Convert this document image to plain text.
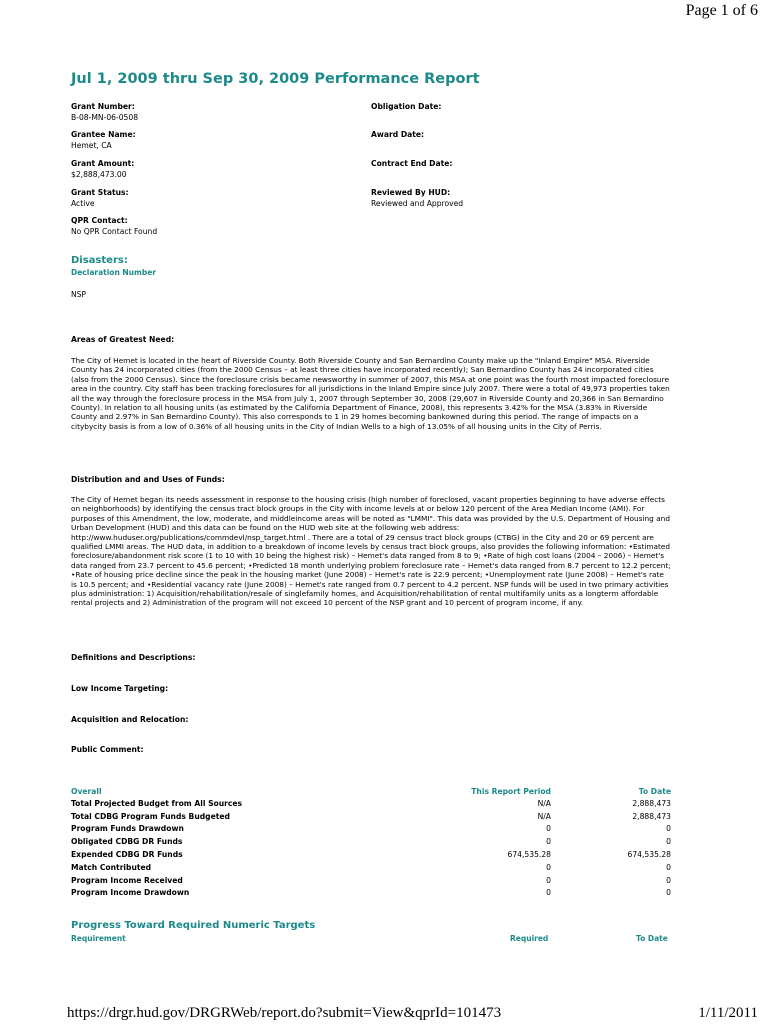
Page 1 of 6
Jul 1, 2009 thru Sep 30, 2009 Performance Report
Grant Number:
B-08-MN-06-0508
Grantee Name:
Hemet, CA
Grant Amount:
$2,888,473.00
Grant Status:
Active
QPR Contact:
No QPR Contact Found
Obligation Date:
Award Date:
Contract End Date:
Reviewed By HUD:
Reviewed and Approved
Disasters:
Declaration Number
NSP
Areas of Greatest Need:

The City of Hemet is located in the heart of Riverside County. Both Riverside County and San Bernardino County make up the "Inland Empire" MSA. Riverside County has 24 incorporated cities (from the 2000 Census – at least three cities have incorporated recently); San Bernardino County has 24 incorporated cities (also from the 2000 Census). Since the foreclosure crisis became newsworthy in summer of 2007, this MSA at one point was the fourth most impacted foreclosure area in the country. City staff has been tracking foreclosures for all jurisdictions in the Inland Empire since July 2007. There were a total of 49,973 properties taken all the way through the foreclosure process in the MSA from July 1, 2007 through September 30, 2008 (29,607 in Riverside County and 20,366 in San Bernardino County). In relation to all housing units (as estimated by the California Department of Finance, 2008), this represents 3.42% for the MSA (3.83% in Riverside County and 2.97% in San Bernardino County). This also corresponds to 1 in 29 homes becoming bankowned during this period. The range of impacts on a citybycity basis is from a low of 0.36% of all housing units in the City of Indian Wells to a high of 13.05% of all housing units in the City of Perris.

Distribution and and Uses of Funds:

The City of Hemet began its needs assessment in response to the housing crisis (high number of foreclosed, vacant properties beginning to have adverse effects on neighborhoods) by identifying the census tract block groups in the City with income levels at or below 120 percent of the Area Median Income (AMI). For purposes of this Amendment, the low, moderate, and middleincome areas will be noted as "LMMI". This data was provided by the U.S. Department of Housing and Urban Development (HUD) and this data can be found on the HUD web site at the following web address: http://www.huduser.org/publications/commdevl/nsp_target.html . There are a total of 29 census tract block groups (CTBG) in the City and 20 or 69 percent are qualified LMMI areas. The HUD data, in addition to a breakdown of income levels by census tract block groups, also provides the following information: •Estimated foreclosure/abandonment risk score (1 to 10 with 10 being the highest risk) – Hemet's data ranged from 8 to 9; •Rate of high cost loans (2004 – 2006) – Hemet's data ranged from 23.7 percent to 45.6 percent; •Predicted 18 month underlying problem foreclosure rate – Hemet's data ranged from 8.7 percent to 12.2 percent; •Rate of housing price decline since the peak in the housing market (June 2008) – Hemet's rate is 22.9 percent; •Unemployment rate (June 2008) – Hemet's rate is 10.5 percent; and •Residential vacancy rate (June 2008) – Hemet's rate ranged from 0.7 percent to 4.2 percent. NSP funds will be used in two primary activities plus administration: 1) Acquisition/rehabilitation/resale of singlefamily homes, and Acquisition/rehabilitation of rental multifamily units as a longterm affordable rental projects and 2) Administration of the program will not exceed 10 percent of the NSP grant and 10 percent of program income, if any.

Definitions and Descriptions:
Low Income Targeting:
Acquisition and Relocation:
Public Comment:
Overall	This Report Period	To Date
Total Projected Budget from All Sources	N/A	2,888,473
Total CDBG Program Funds Budgeted	N/A	2,888,473
Program Funds Drawdown	0	0
Obligated CDBG DR Funds	0	0
Expended CDBG DR Funds	674,535.28	674,535.28
Match Contributed	0	0
Program Income Received	0	0
Program Income Drawdown	0	0
Progress Toward Required Numeric Targets
Requirement	Required	To Date
https://drgr.hud.gov/DRGRWeb/report.do?submit=View&qprId=101473	1/11/2011
